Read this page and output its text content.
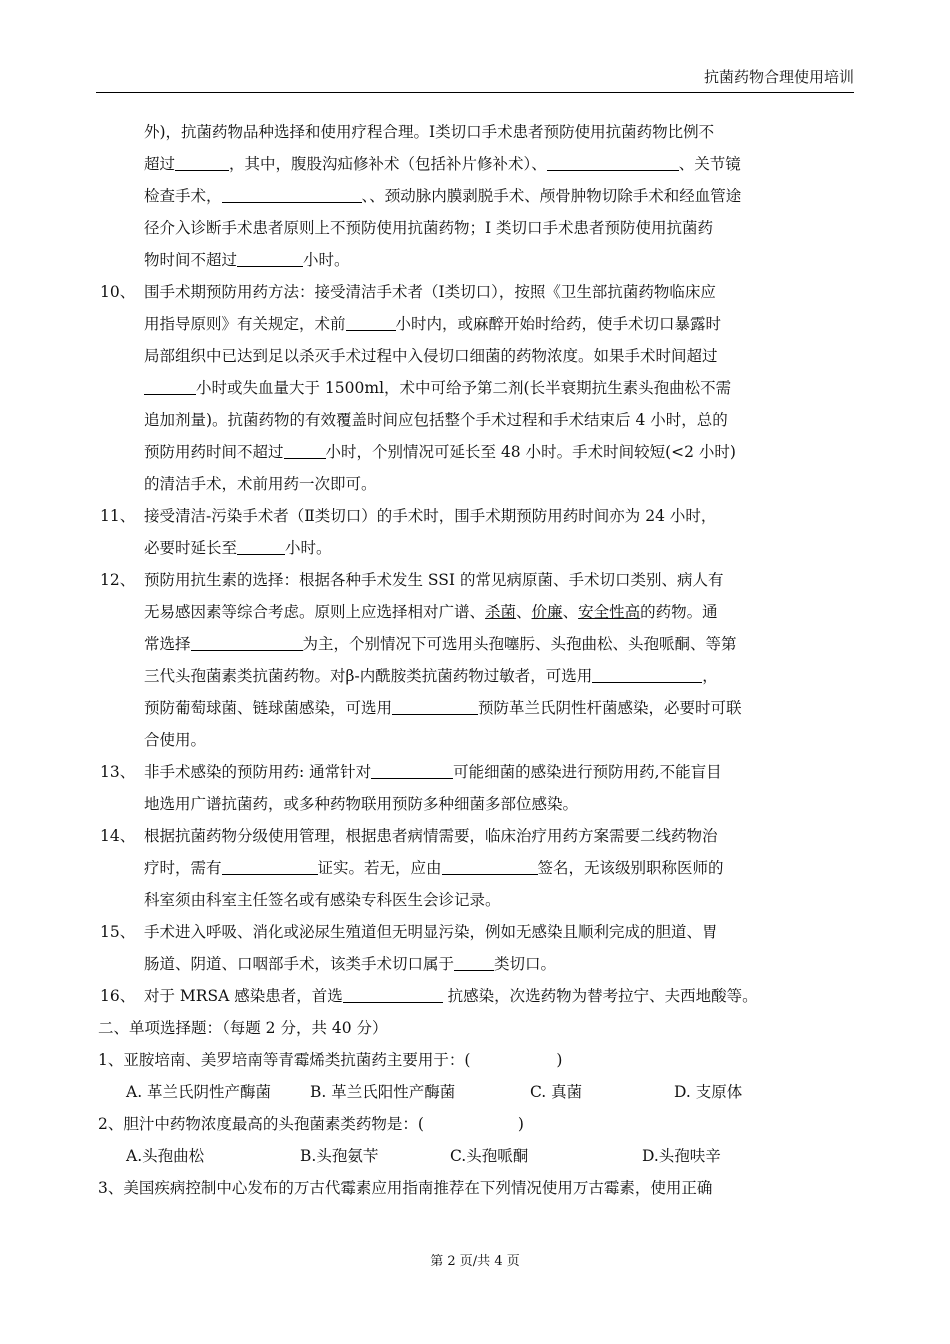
抗菌药物合理使用培训
外)，抗菌药物品种选择和使用疗程合理。I类切口手术患者预防使用抗菌药物比例不
超过	，其中，腹股沟疝修补术（包括补片修补术）、	、关节镜
检查手术，	、、颈动脉内膜剥脱手术、颅骨肿物切除手术和经血管途
径介入诊断手术患者原则上不预防使用抗菌药物；I 类切口手术患者预防使用抗菌药
物时间不超过	小时。
10、 围手术期预防用药方法：接受清洁手术者（Ⅰ类切口），按照《卫生部抗菌药物临床应
用指导原则》有关规定，术前	小时内，或麻醉开始时给药，使手术切口暴露时
局部组织中已达到足以杀灭手术过程中入侵切口细菌的药物浓度。如果手术时间超过
小时或失血量大于 1500ml，术中可给予第二剂(长半衰期抗生素头孢曲松不需
追加剂量)。抗菌药物的有效覆盖时间应包括整个手术过程和手术结束后 4 小时，总的
预防用药时间不超过	小时，个别情况可延长至 48 小时。手术时间较短(<2 小时)
的清洁手术，术前用药一次即可。
11、 接受清洁-污染手术者（Ⅱ类切口）的手术时，围手术期预防用药时间亦为 24 小时，
必要时延长至	小时。
12、 预防用抗生素的选择：根据各种手术发生 SSI 的常见病原菌、手术切口类别、病人有
无易感因素等综合考虑。原则上应选择相对广谱、杀菌、价廉、安全性高的药物。通
常选择	为主，个别情况下可选用头孢噻肟、头孢曲松、头孢哌酮、等第
三代头孢菌素类抗菌药物。对β-内酰胺类抗菌药物过敏者，可选用	，
预防葡萄球菌、链球菌感染，可选用	预防革兰氏阴性杆菌感染，必要时可联
合使用。
13、 非手术感染的预防用药: 通常针对	可能细菌的感染进行预防用药,不能盲目
地选用广谱抗菌药，或多种药物联用预防多种细菌多部位感染。
14、 根据抗菌药物分级使用管理，根据患者病情需要，临床治疗用药方案需要二线药物治
疗时，需有	证实。若无，应由	签名，无该级别职称医师的
科室须由科室主任签名或有感染专科医生会诊记录。
15、 手术进入呼吸、消化或泌尿生殖道但无明显污染，例如无感染且顺利完成的胆道、胃
肠道、阴道、口咽部手术，该类手术切口属于	类切口。
16、 对于 MRSA 感染患者，首选	抗感染，次选药物为替考拉宁、夫西地酸等。
二、单项选择题：（每题 2 分，共 40 分）
1、亚胺培南、美罗培南等青霉烯类抗菌药主要用于：(	)
A. 革兰氏阴性产酶菌	B. 革兰氏阳性产酶菌	C. 真菌	D. 支原体
2、胆汁中药物浓度最高的头孢菌素类药物是：(	)
A.头孢曲松	B.头孢氨苄	C.头孢哌酮	D.头孢呋辛
3、美国疾病控制中心发布的万古代霉素应用指南推荐在下列情况使用万古霉素，使用正确
第 2 页/共 4 页
